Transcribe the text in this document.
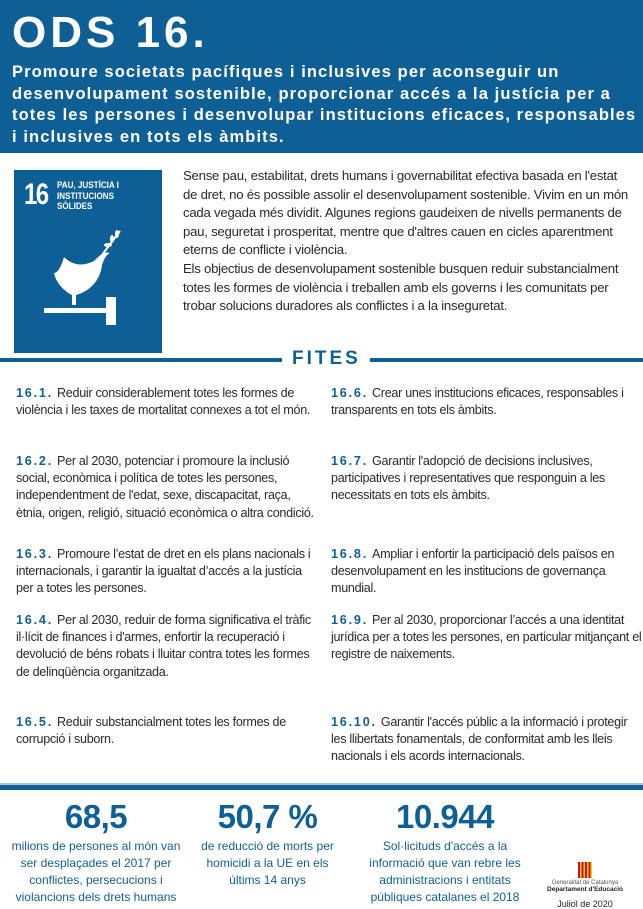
ODS 16.
Promoure societats pacífiques i inclusives per aconseguir un desenvolupament sostenible, proporcionar accés a la justícia per a totes les persones i desenvolupar institucions eficaces, responsables i inclusives en tots els àmbits.
16 PAU, JUSTÍCIA I INSTITUCIONS SÒLIDES
Sense pau, estabilitat, drets humans i governabilitat efectiva basada en l'estat de dret, no és possible assolir el desenvolupament sostenible. Vivim en un món cada vegada més dividit. Algunes regions gaudeixen de nivells permanents de pau, seguretat i prosperitat, mentre que d'altres cauen en cicles aparentment eterns de conflicte i violència.
Els objectius de desenvolupament sostenible busquen reduir substancialment totes les formes de violència i treballen amb els governs i les comunitats per trobar solucions duradores als conflictes i a la inseguretat.
FITES
16.1. Reduir considerablement totes les formes de violència i les taxes de mortalitat connexes a tot el món.
16.2. Per al 2030, potenciar i promoure la inclusió social, econòmica i política de totes les persones, independentment de l'edat, sexe, discapacitat, raça, ètnia, origen, religió, situació econòmica o altra condició.
16.3. Promoure l’estat de dret en els plans nacionals i internacionals, i garantir la igualtat d’accés a la justícia per a totes les persones.
16.4. Per al 2030, reduir de forma significativa el tràfic il·lícit de finances i d'armes, enfortir la recuperació i devolució de béns robats i lluitar contra totes les formes de delinqüència organitzada.
16.5. Reduir substancialment totes les formes de corrupció i suborn.
16.6. Crear unes institucions eficaces, responsables i transparents en tots els àmbits.
16.7. Garantir l'adopció de decisions inclusives, participatives i representatives que responguin a les necessitats en tots els àmbits.
16.8. Ampliar i enfortir la participació dels països en desenvolupament en les institucions de governança mundial.
16.9. Per al 2030, proporcionar l’accés a una identitat jurídica per a totes les persones, en particular mitjançant el registre de naixements.
16.10. Garantir l'accés públic a la informació i protegir les llibertats fonamentals, de conformitat amb les lleis nacionals i els acords internacionals.
68,5
milions de persones al món van ser desplaçades el 2017 per conflictes, persecucions i violancions dels drets humans
50,7 %
de reducció de morts per homicidi a la UE en els últims 14 anys
10.944
Sol·licituds d'accés a la informació que van rebre les administracions i entitats públiques catalanes el 2018
Generalitat de Catalunya
Departament d'Educació
Juliol de 2020
